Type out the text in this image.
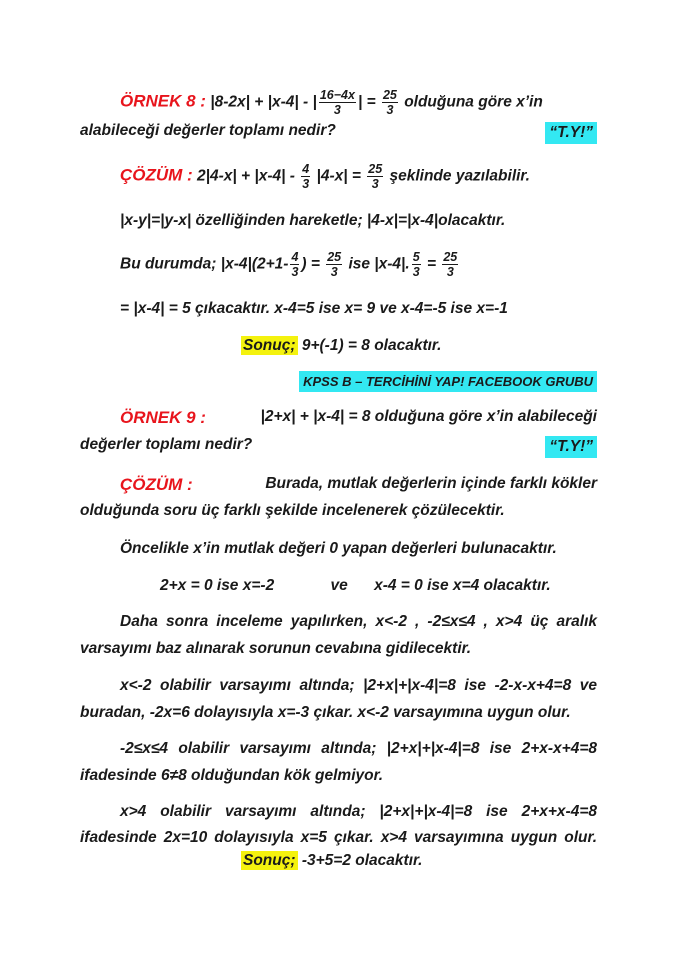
ÖRNEK 8 : |8-2x| + |x-4| - | $\frac{16-4x}{3}$ | = $\frac{25}{3}$ olduğuna göre x’in
alabileceği değerler toplamı nedir?	“T.Y!”
ÇÖZÜM : $2|4-x| + |x-4| - \frac{4}{3} |4-x| = \frac{25}{3}$ şeklinde yazılabilir.
|x-y|=|y-x| özelliğinden hareketle; |4-x|=|x-4|olacaktır.
Bu durumda; $|x-4|(2+1- \frac{4}{3}$ ) = $\frac{25}{3}$ ise |x-4|. $\frac{5}{3} = \frac{25}{3}$
= |x-4| = 5 çıkacaktır. x-4=5 ise x= 9 ve x-4=-5 ise x=-1
Sonuç; 9+(-1) = 8 olacaktır.
KPSS B – TERCİHİNİ YAP! FACEBOOK GRUBU
ÖRNEK 9 :	|2+x| + |x-4| = 8 olduğuna göre x’in alabileceği
değerler toplamı nedir?	“T.Y!”
ÇÖZÜM :	Burada, mutlak değerlerin içinde farklı kökler
olduğunda soru üç farklı şekilde incelenerek çözülecektir.
Öncelikle x’in mutlak değeri 0 yapan değerleri bulunacaktır.
2+x = 0 ise x=-2	ve x-4 = 0 ise x=4 olacaktır.
Daha sonra inceleme yapılırken, x<-2 , -2≤x≤4 , x>4 üç aralık
varsayımı baz alınarak sorunun cevabına gidilecektir.
x<-2 olabilir varsayımı altında; |2+x|+|x-4|=8 ise -2-x-x+4=8 ve
buradan, -2x=6 dolayısıyla x=-3 çıkar. x<-2 varsayımına uygun olur.
-2≤x≤4 olabilir varsayımı altında; |2+x|+|x-4|=8 ise 2+x-x+4=8
ifadesinde 6≠8 olduğundan kök gelmiyor.
x>4 olabilir varsayımı altında; |2+x|+|x-4|=8 ise 2+x+x-4=8
ifadesinde 2x=10 dolayısıyla x=5 çıkar. x>4 varsayımına uygun olur.
Sonuç; -3+5=2 olacaktır.
